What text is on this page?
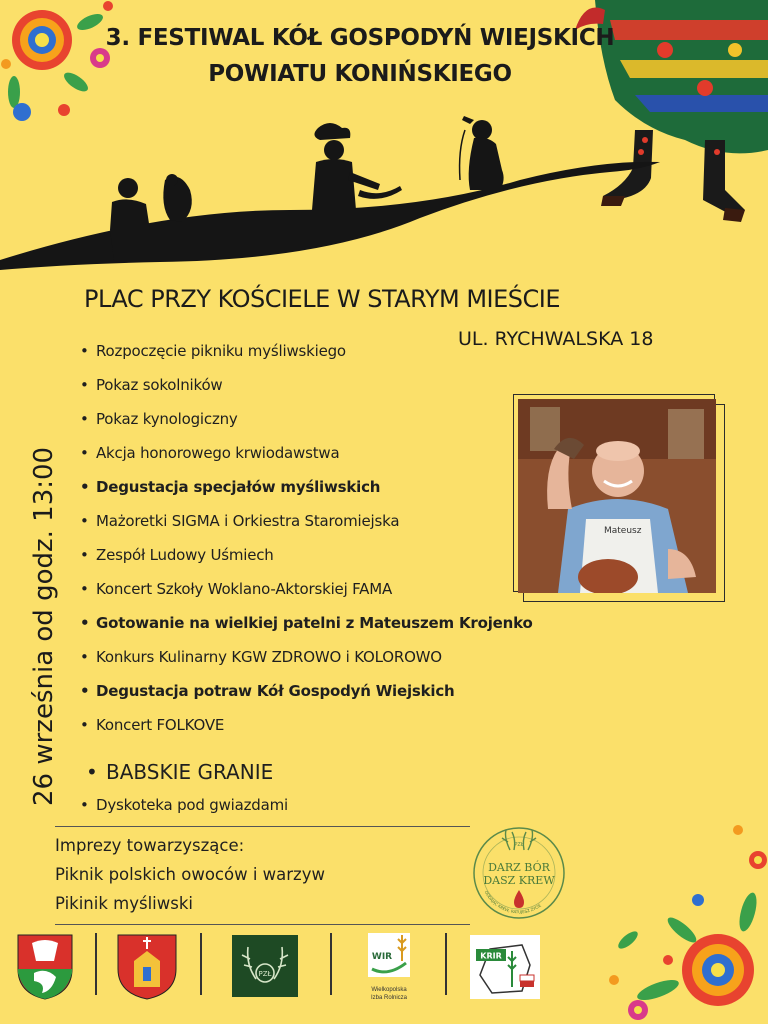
3. FESTIWAL KÓŁ GOSPODYŃ WIEJSKICH
POWIATU KONIŃSKIEGO
PLAC PRZY KOŚCIELE W STARYM MIEŚCIE
UL. RYCHWALSKA 18
26 września od godz. 13:00
• Rozpoczęcie pikniku myśliwskiego
• Pokaz sokolników
• Pokaz kynologiczny
• Akcja honorowego krwiodawstwa
• Degustacja specjałów myśliwskich
• Mażoretki SIGMA i Orkiestra Staromiejska
• Zespół Ludowy Uśmiech
• Koncert Szkoły Woklano-Aktorskiej FAMA
• Gotowanie na wielkiej patelni z Mateuszem Krojenko
• Konkurs Kulinarny KGW ZDROWO i KOLOROWO
• Degustacja potraw Kół Gospodyń Wiejskich
• Koncert FOLKOVE
• BABSKIE GRANIE
• Dyskoteka pod gwiazdami
Imprezy towarzyszące:
Piknik polskich owoców i warzyw
Pikinik myśliwski
Mateusz
PZŁ
DARZ BÓR
DASZ KREW
ODDAJĄC KREW, RATUJESZ ŻYCIE
PZŁ
WIR
Wielkopolska
Izba Rolnicza
KRIR
